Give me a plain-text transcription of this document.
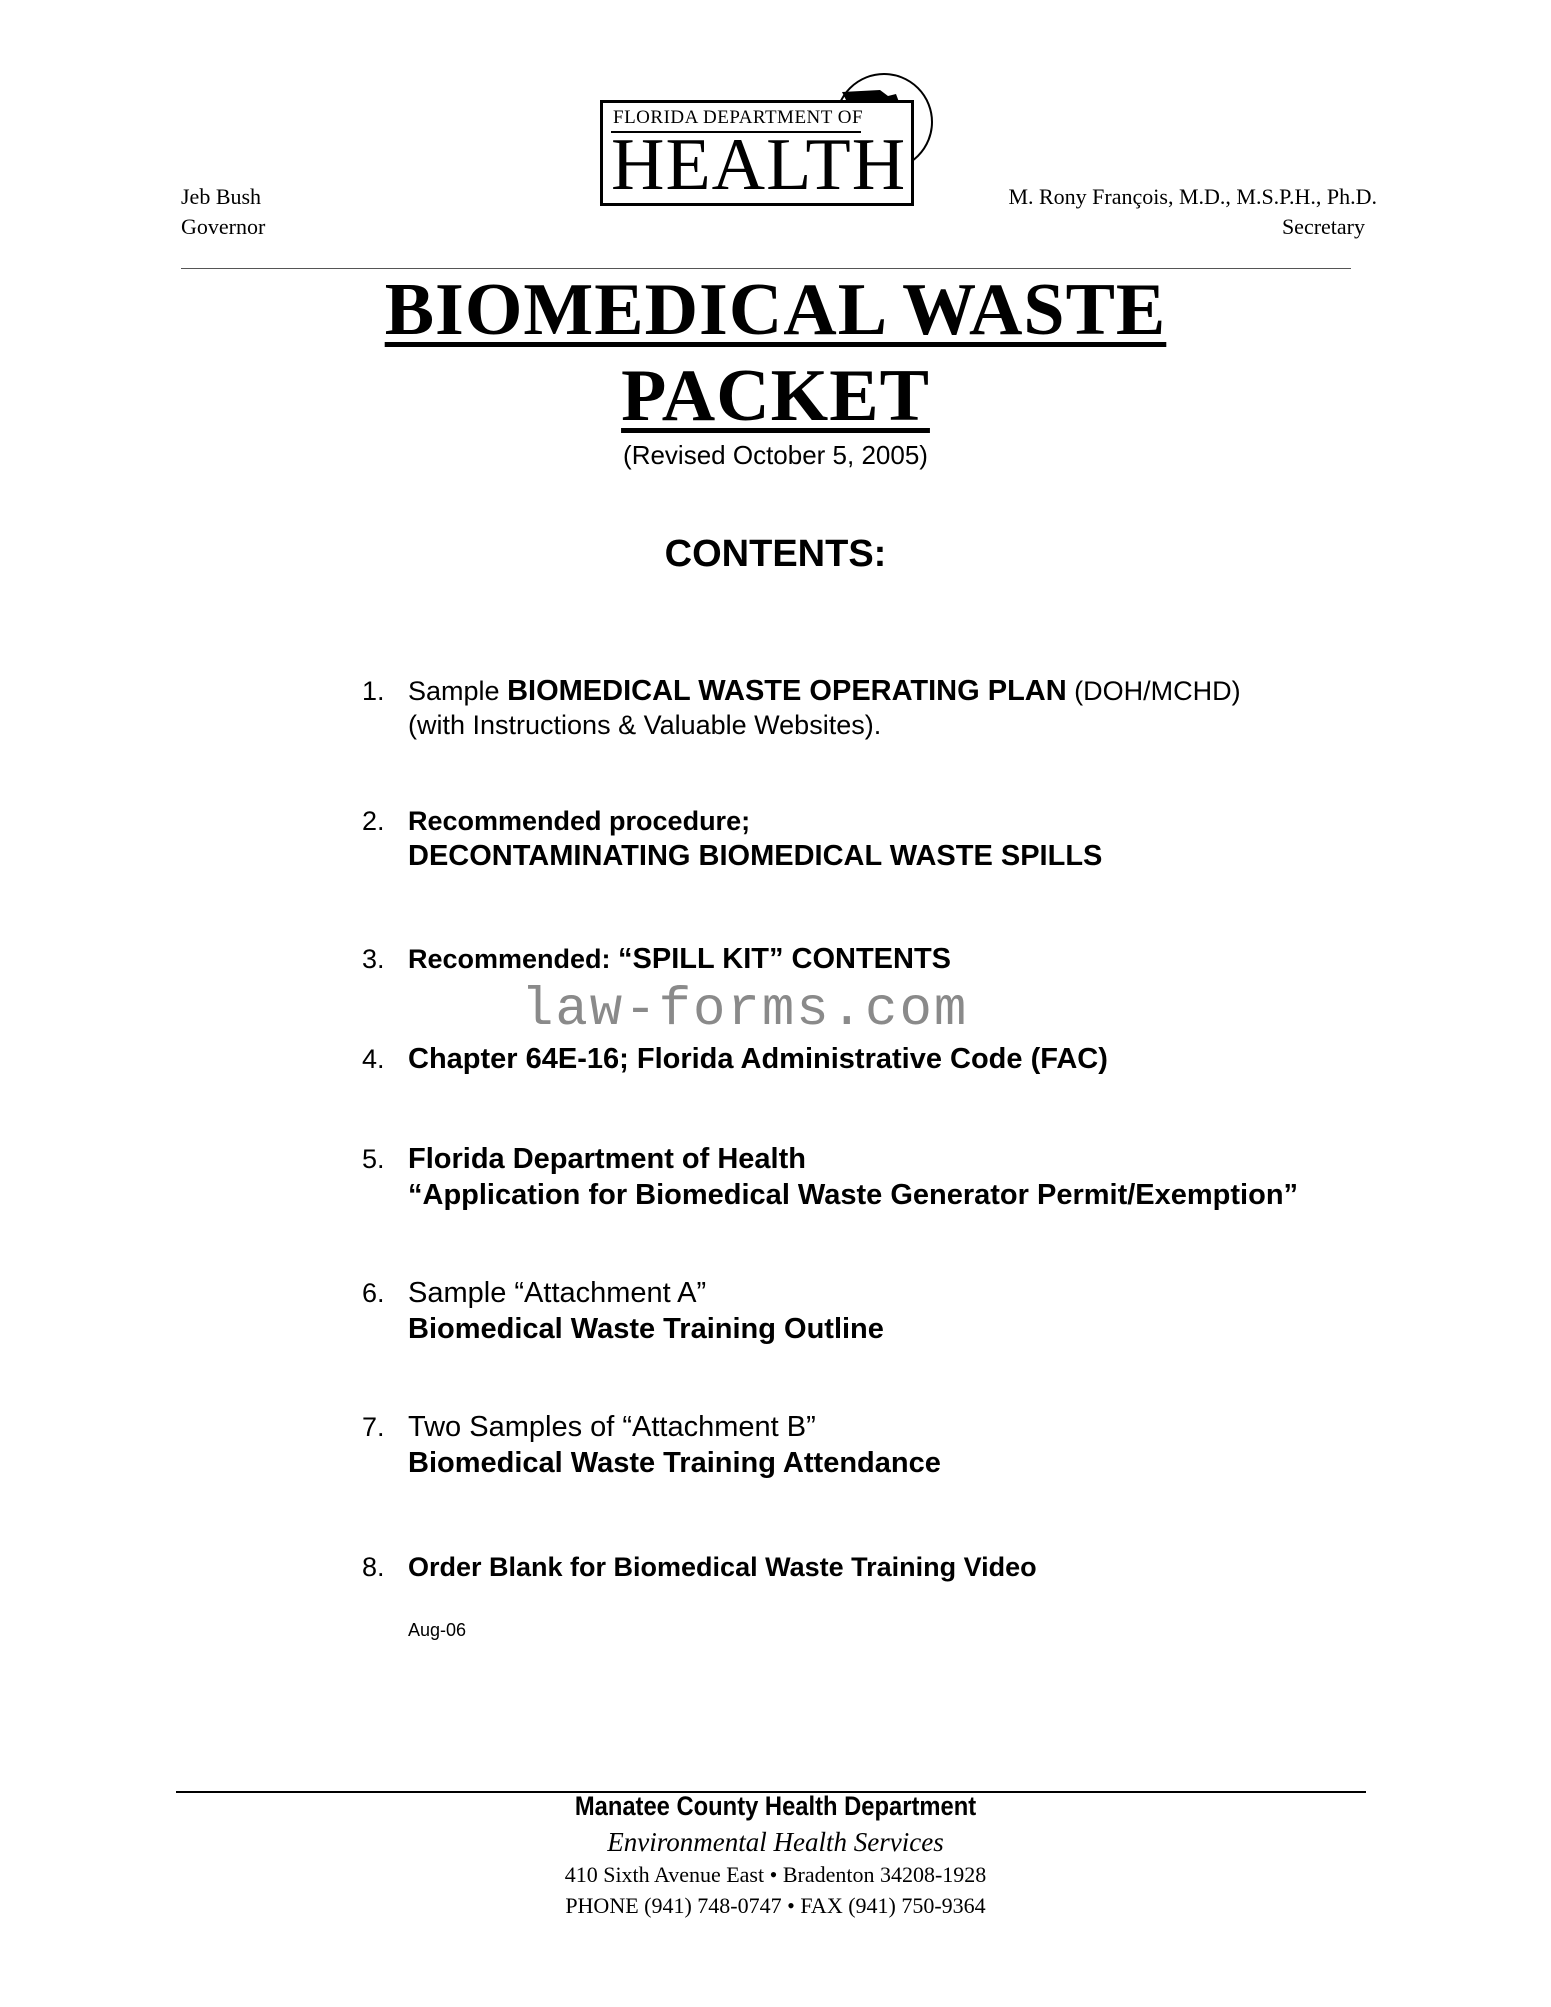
Jeb Bush
Governor
M. Rony François, M.D., M.S.P.H., Ph.D.
Secretary
FLORIDA DEPARTMENT OF
HEALTH
BIOMEDICAL WASTE
PACKET
(Revised October 5, 2005)
CONTENTS:
1. Sample BIOMEDICAL WASTE OPERATING PLAN (DOH/MCHD)
(with Instructions & Valuable Websites).
2. Recommended procedure;
DECONTAMINATING BIOMEDICAL WASTE SPILLS
3. Recommended: “SPILL KIT” CONTENTS
law-forms.com
4. Chapter 64E-16; Florida Administrative Code (FAC)
5. Florida Department of Health
“Application for Biomedical Waste Generator Permit/Exemption”
6. Sample “Attachment A”
Biomedical Waste Training Outline
7. Two Samples of “Attachment B”
Biomedical Waste Training Attendance
8. Order Blank for Biomedical Waste Training Video
Aug-06
Manatee County Health Department
Environmental Health Services
410 Sixth Avenue East • Bradenton 34208-1928
PHONE (941) 748-0747 • FAX (941) 750-9364
